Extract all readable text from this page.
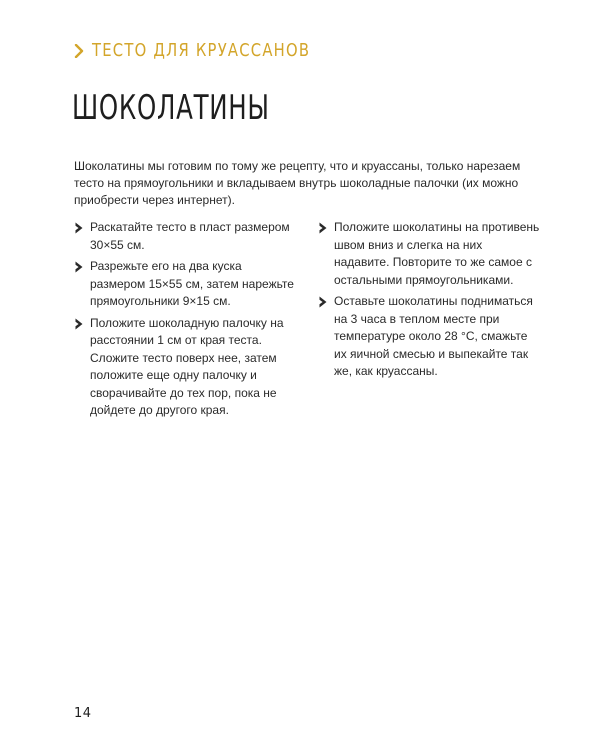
ТЕСТО ДЛЯ КРУАССАНОВ
ШОКОЛАТИНЫ

Шоколатины мы готовим по тому же рецепту, что и круассаны, только нарезаем тесто на прямоугольники и вкладываем внутрь шоколадные палочки (их можно приобрести через интернет).

Раскатайте тесто в пласт размером 30×55 см.

Разрежьте его на два куска размером 15×55 см, затем нарежьте прямоугольники 9×15 см.

Положите шоколадную палочку на расстоянии 1 см от края теста. Сложите тесто поверх нее, затем положите еще одну палочку и сворачивайте до тех пор, пока не дойдете до другого края.

Положите шоколатины на противень швом вниз и слегка на них надавите. Повторите то же самое с остальными прямоугольниками.

Оставьте шоколатины подниматься на 3 часа в теплом месте при температуре около 28 °C, смажьте их яичной смесью и выпекайте так же, как круассаны.

14
